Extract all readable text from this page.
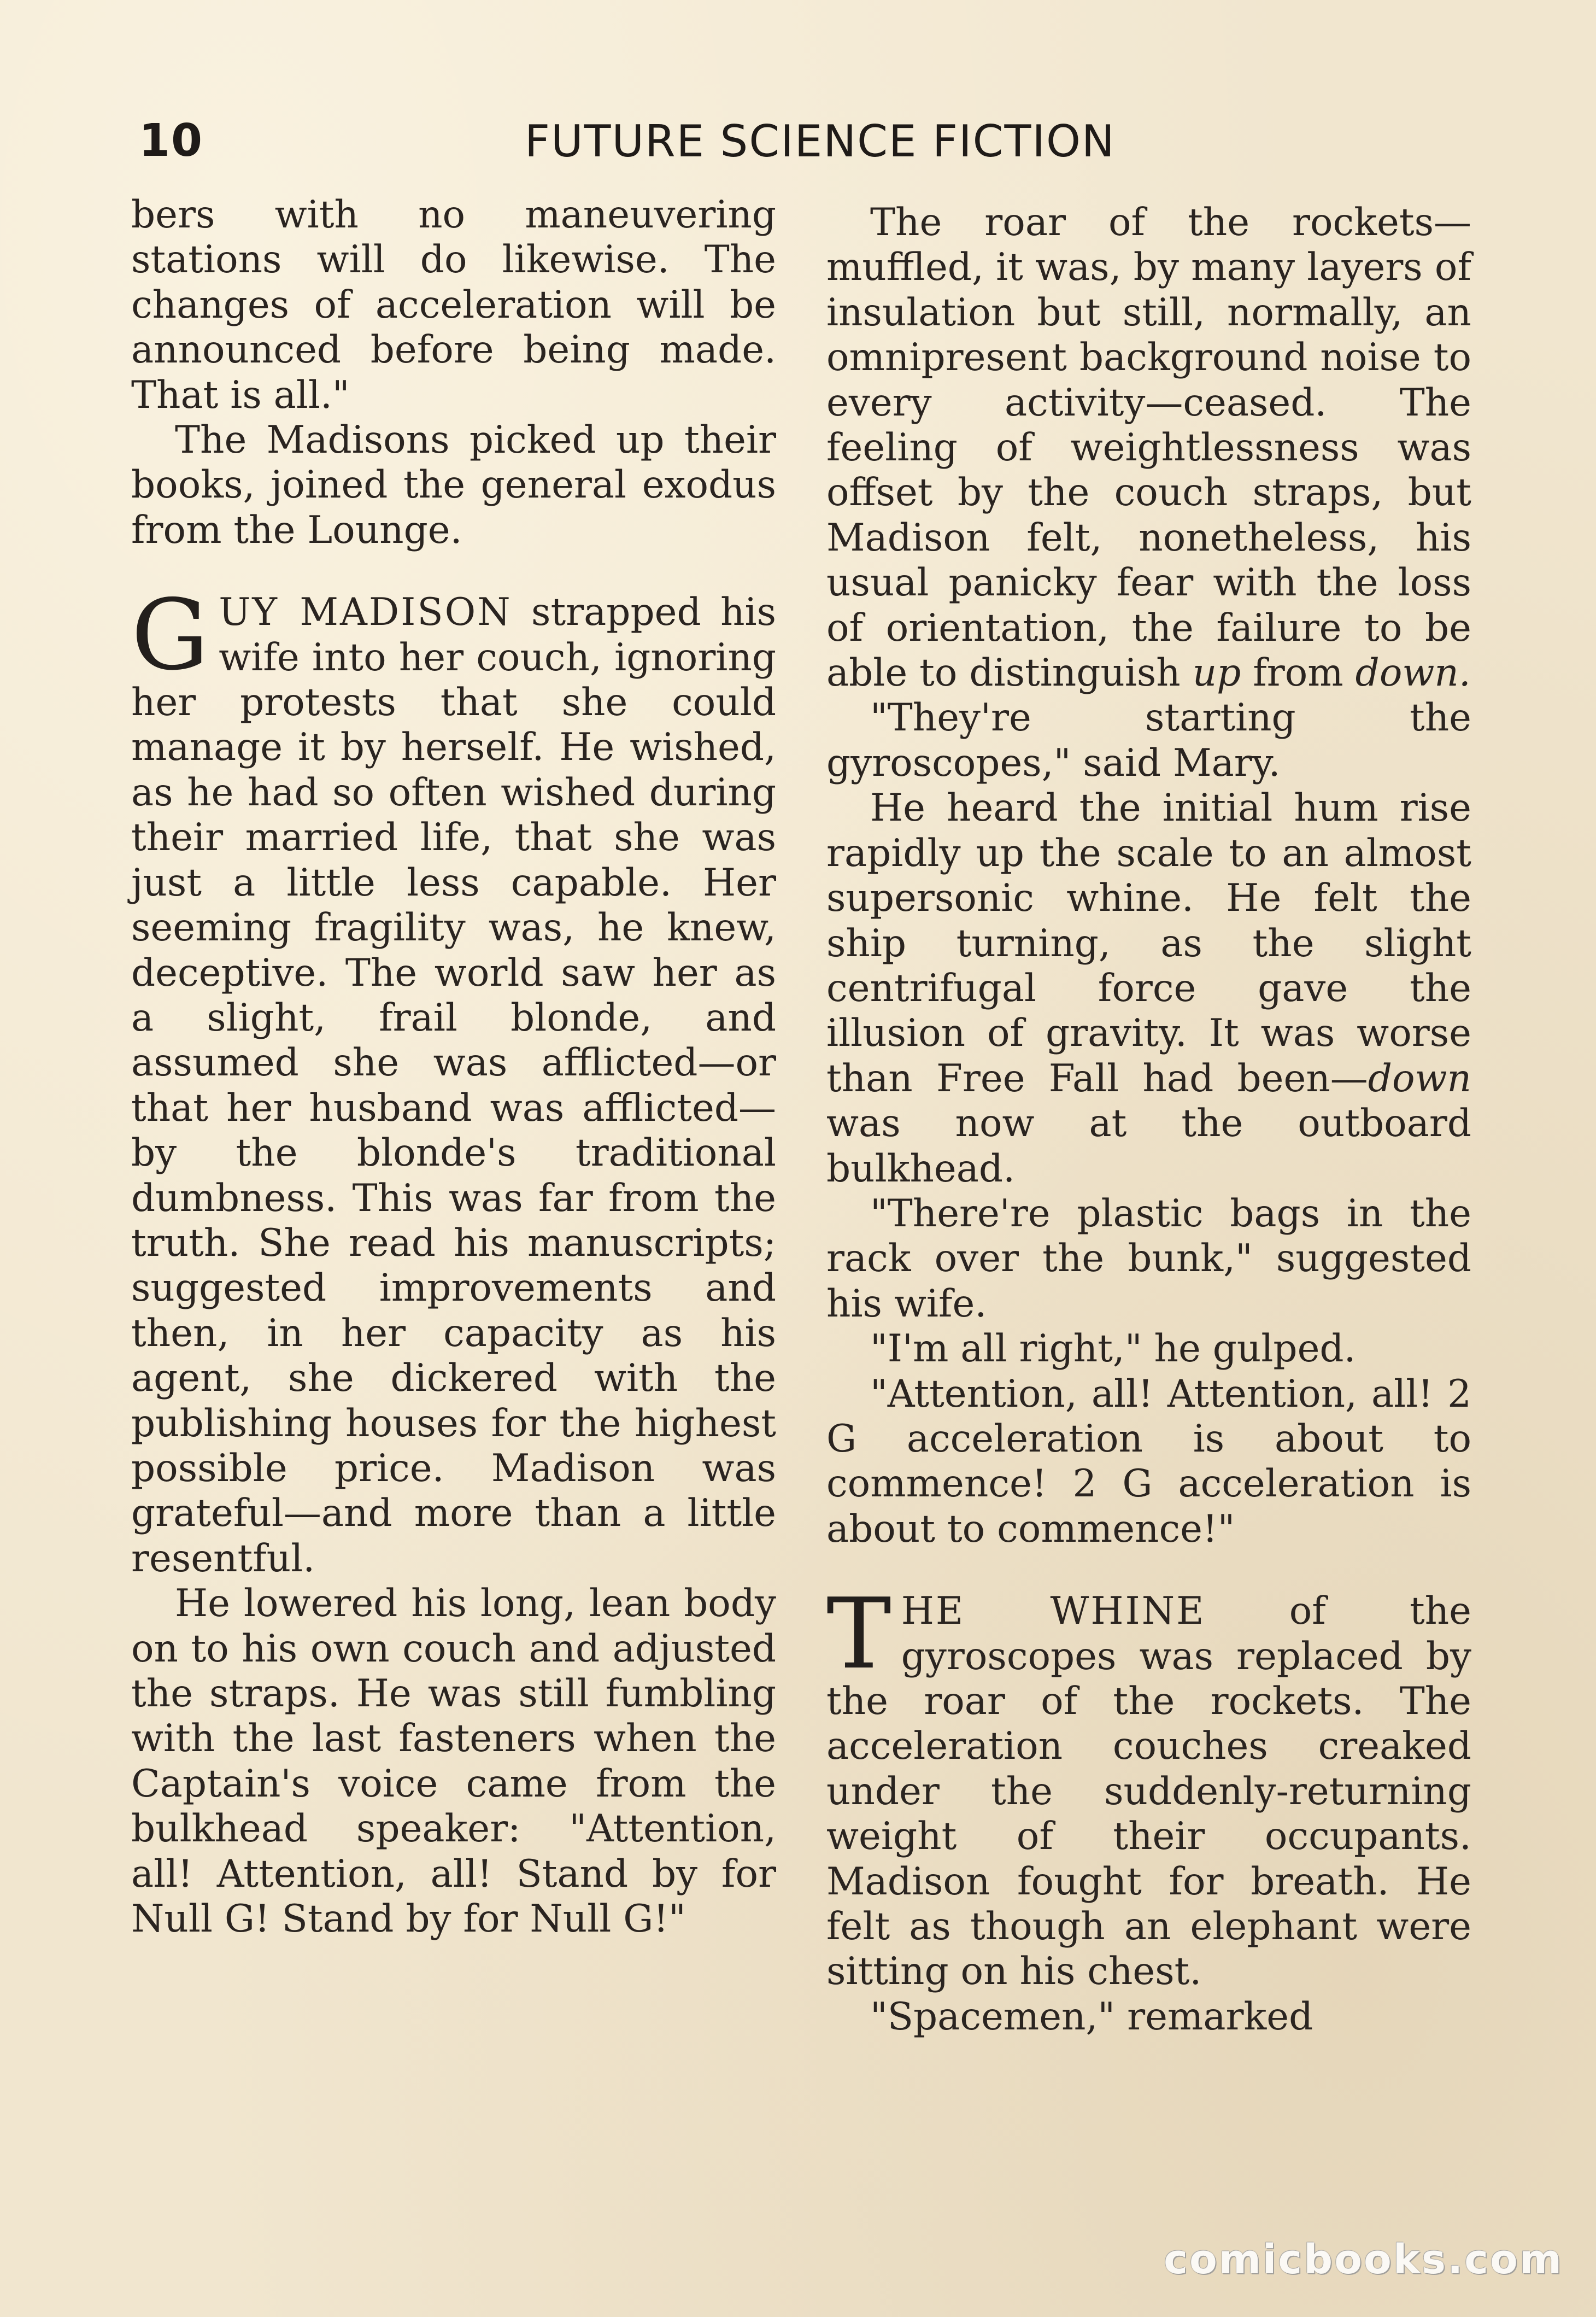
10	FUTURE SCIENCE FICTION

bers with no maneuvering stations will do likewise. The changes of acceleration will be announced before being made. That is all."

The Madisons picked up their books, joined the general exodus from the Lounge.

GUY MADISON strapped his wife into her couch, ignoring her protests that she could manage it by herself. He wished, as he had so often wished during their married life, that she was just a little less capable. Her seeming fragility was, he knew, deceptive. The world saw her as a slight, frail blonde, and assumed she was afflicted—or that her husband was afflicted—by the blonde's traditional dumbness. This was far from the truth. She read his manuscripts; suggested improvements and then, in her capacity as his agent, she dickered with the publishing houses for the highest possible price. Madison was grateful—and more than a little resentful.

He lowered his long, lean body on to his own couch and adjusted the straps. He was still fumbling with the last fasteners when the Captain's voice came from the bulkhead speaker: "Attention, all! Attention, all! Stand by for Null G! Stand by for Null G!"

The roar of the rockets—muffled, it was, by many layers of insulation but still, normally, an omnipresent background noise to every activity—ceased. The feeling of weightlessness was offset by the couch straps, but Madison felt, nonetheless, his usual panicky fear with the loss of orientation, the failure to be able to distinguish up from down.

"They're starting the gyroscopes," said Mary.

He heard the initial hum rise rapidly up the scale to an almost supersonic whine. He felt the ship turning, as the slight centrifugal force gave the illusion of gravity. It was worse than Free Fall had been—down was now at the outboard bulkhead.

"There're plastic bags in the rack over the bunk," suggested his wife.

"I'm all right," he gulped.

"Attention, all! Attention, all! 2 G acceleration is about to commence! 2 G acceleration is about to commence!"

THE WHINE of the gyroscopes was replaced by the roar of the rockets. The acceleration couches creaked under the suddenly-returning weight of their occupants. Madison fought for breath. He felt as though an elephant were sitting on his chest.

"Spacemen," remarked

comicbooks.com
